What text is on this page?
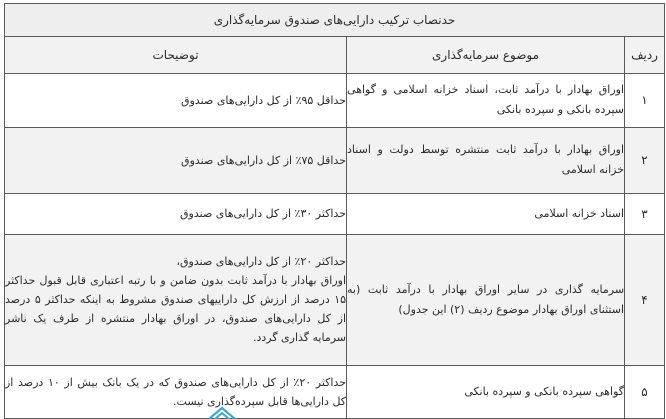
حدنصاب ترکیب دارایی‌های صندوق سرمایه‌گذاری		
ردیف	موضوع سرمایه‌گذاری	توضیحات
۱	اوراق بهادار با درآمد ثابت، اسناد خزانه اسلامی و گواهی سپرده بانکی و سپرده بانکی	حداقل ۹۵٪ از کل دارایی‌های صندوق
۲	اوراق بهادار با درآمد ثابت منتشره توسط دولت و اسناد خزانه اسلامی	حداقل ۷۵٪ از کل دارایی‌های صندوق
۳	اسناد خزانه اسلامی	حداکثر ۳۰٪ از کل دارایی‌های صندوق
۴	سرمایه گذاری در سایر اوراق بهادار با درآمد ثابت (به استثنای اوراق بهادار موضوع ردیف (۲) این جدول)	حداکثر ۲۰٪ از کل دارایی‌های صندوق،
اوراق بهادار با درآمد ثابت بدون ضامن و با رتبه اعتباری قابل قبول حداکثر ۱۵ درصد از ارزش کل داراییهای صندوق مشروط به اینکه حداکثر ۵ درصد از کل دارایی‌های صندوق، در اوراق بهادار منتشره از طرف یک ناشر سرمایه گذاری گردد.

۵	گواهی سپرده بانکی و سپرده بانکی	حداکثر ۲۰٪ از کل دارایی‌های صندوق که در یک بانک بیش از ۱۰ درصد از کل دارایی‌ها قابل سپرده‌گذاری نیست.
